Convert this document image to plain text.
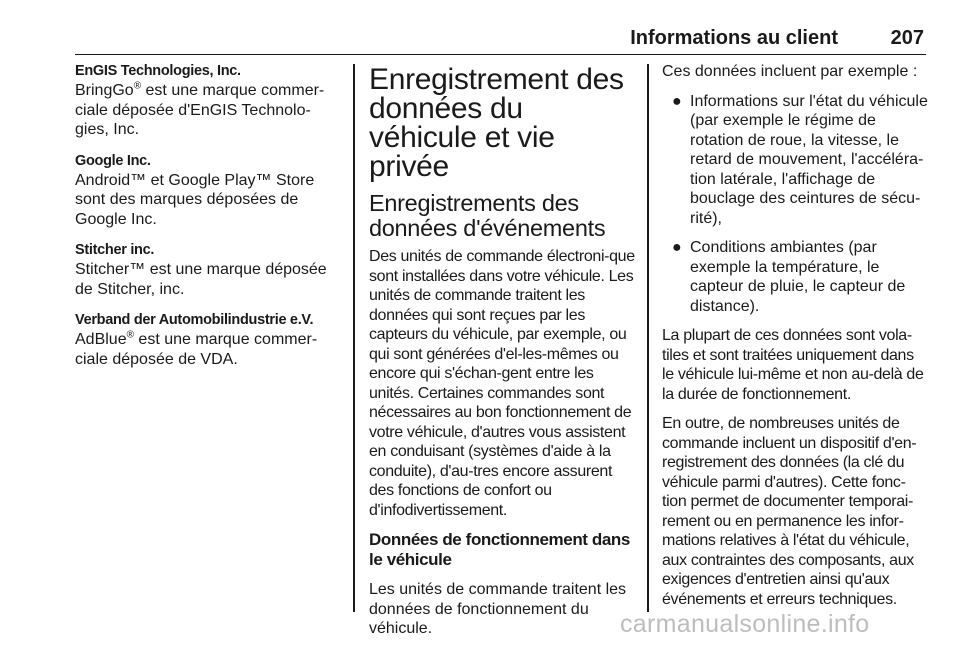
Informations au client	207
EnGIS Technologies, Inc.
BringGo® est une marque commer-ciale déposée d'EnGIS Technolo-gies, Inc.
Google Inc.
Android™ et Google Play™ Store sont des marques déposées de Google Inc.
Stitcher inc.
Stitcher™ est une marque déposée de Stitcher, inc.
Verband der Automobilindustrie e.V.
AdBlue® est une marque commer-ciale déposée de VDA.
Enregistrement des données du véhicule et vie privée
Enregistrements des données d'événements
Des unités de commande électroni-que sont installées dans votre véhicule. Les unités de commande traitent les données qui sont reçues par les capteurs du véhicule, par exemple, ou qui sont générées d'el-les-mêmes ou encore qui s'échan-gent entre les unités. Certaines commandes sont nécessaires au bon fonctionnement de votre véhicule, d'autres vous assistent en conduisant (systèmes d'aide à la conduite), d'au-tres encore assurent des fonctions de confort ou d'infodivertissement.
Données de fonctionnement dans le véhicule
Les unités de commande traitent les données de fonctionnement du véhicule.
Ces données incluent par exemple :
● Informations sur l'état du véhicule (par exemple le régime de rotation de roue, la vitesse, le retard de mouvement, l'accéléra-tion latérale, l'affichage de bouclage des ceintures de sécu-rité),
● Conditions ambiantes (par exemple la température, le capteur de pluie, le capteur de distance).
La plupart de ces données sont vola-tiles et sont traitées uniquement dans le véhicule lui-même et non au-delà de la durée de fonctionnement.
En outre, de nombreuses unités de commande incluent un dispositif d'en-registrement des données (la clé du véhicule parmi d'autres). Cette fonc-tion permet de documenter temporai-rement ou en permanence les infor-mations relatives à l'état du véhicule, aux contraintes des composants, aux exigences d'entretien ainsi qu'aux événements et erreurs techniques.
carmanualsonline.info
